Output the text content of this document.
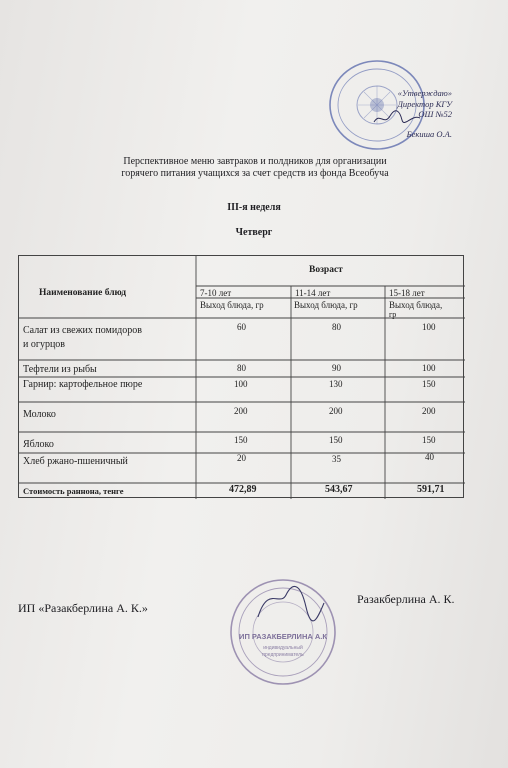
«Утверждаю»
Директор КГУ
ОШ №52
Бекиша О.А.
Перспективное меню завтраков и полдников для организации
горячего питания учащихся за счет средств из фонда Всеобуча
III-я неделя
Четверг
Наименование блюд
Возраст
7-10 лет	11-14 лет	15-18 лет
Выход блюда, гр	Выход блюда, гр	Выход блюда,
гр
Салат из свежих помидоров
и огурцов
60	80	100
Тефтели из рыбы	80	90	100
Гарнир: картофельное пюре	100	130	150
Молоко	200	200	200
Яблоко	150	150	150
Хлеб ржано-пшеничный	20	35	40
Стоимость раннона, тенге	472,89	543,67	591,71
ИП «Разакберлина А. К.»
Разакберлина А. К.
ИП РАЗАКБЕРЛИНА А.К
индивидуальный
предприниматель
